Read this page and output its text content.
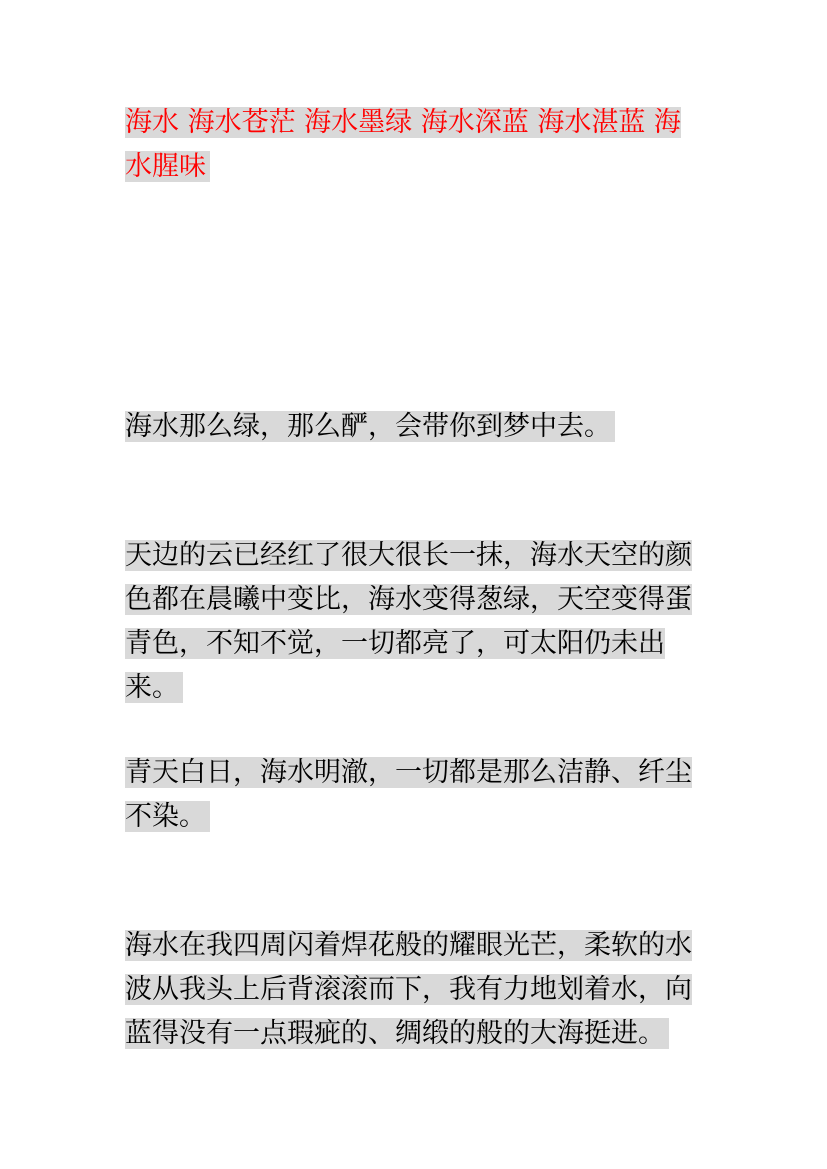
海水 海水苍茫 海水墨绿 海水深蓝 海水湛蓝 海水腥味

海水那么绿，那么酽，会带你到梦中去。

天边的云已经红了很大很长一抹，海水天空的颜色都在晨曦中变比，海水变得葱绿，天空变得蛋青色，不知不觉，一切都亮了，可太阳仍未出来。

青天白日，海水明澈，一切都是那么洁静、纤尘不染。

海水在我四周闪着焊花般的耀眼光芒，柔软的水波从我头上后背滚滚而下，我有力地划着水，向蓝得没有一点瑕疵的、绸缎的般的大海挺进。
